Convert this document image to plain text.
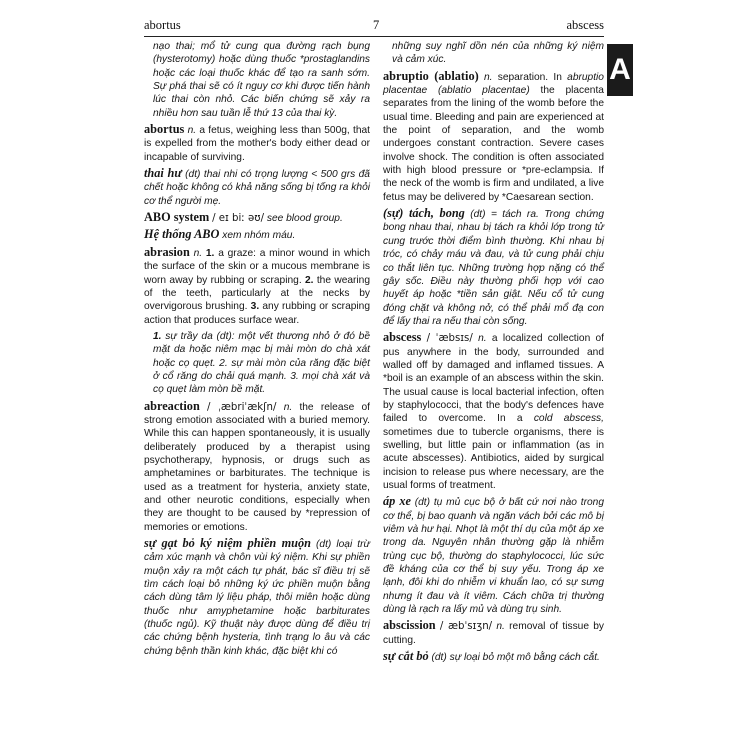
abortus	7	abscess
A

nạo thai; mổ tử cung qua đường rạch bụng (hysterotomy) hoặc dùng thuốc *prostaglandins hoặc các loại thuốc khác để tạo ra sanh sớm. Sự phá thai sẽ có ít nguy cơ khi được tiến hành lúc thai còn nhỏ. Các biến chứng sẽ xảy ra nhiều hơn sau tuần lễ thứ 13 của thai kỳ.

abortus n. a fetus, weighing less than 500g, that is expelled from the mother's body either dead or incapable of surviving.

thai hư (dt) thai nhi có trọng lượng < 500 grs đã chết hoặc không có khả năng sống bị tống ra khỏi cơ thể người mẹ.

ABO system / eɪ biː əʊ/ see blood group.

Hệ thống ABO xem nhóm máu.

abrasion n. 1. a graze: a minor wound in which the surface of the skin or a mucous membrane is worn away by rubbing or scraping. 2. the wearing of the teeth, particularly at the necks by overvigorous brushing. 3. any rubbing or scraping action that produces surface wear.

1. sự trầy da (dt): một vết thương nhỏ ở đó bề mặt da hoặc niêm mạc bị mài mòn do chà xát hoặc cọ quẹt. 2. sự mài mòn của răng đặc biệt ở cổ răng do chải quá mạnh. 3. mọi chà xát và cọ quẹt làm mòn bề mặt.

abreaction / ˌæbriˈækʃn/ n. the release of strong emotion associated with a buried memory. While this can happen spontaneously, it is usually deliberately produced by a therapist using psychotherapy, hypnosis, or drugs such as amphetamines or barbiturates. The technique is used as a treatment for hysteria, anxiety state, and other neurotic conditions, especially when they are thought to be caused by *repression of memories or emotions.

sự gạt bỏ ký niệm phiền muộn (dt) loại trừ cảm xúc mạnh và chôn vùi ký niệm. Khi sự phiền muộn xảy ra một cách tự phát, bác sĩ điều trị sẽ tìm cách loại bỏ những ký ức phiền muộn bằng cách dùng tâm lý liệu pháp, thôi miên hoặc dùng thuốc như amyphetamine hoặc barbiturates (thuốc ngủ). Kỹ thuật này được dùng để điều trị các chứng bệnh hysteria, tình trạng lo âu và các chứng bệnh thần kinh khác, đặc biệt khi có

những suy nghĩ dồn nén của những ký niệm và cảm xúc.

abruptio (ablatio) n. separation. In abruptio placentae (ablatio placentae) the placenta separates from the lining of the womb before the usual time. Bleeding and pain are experienced at the point of separation, and the womb undergoes constant contraction. Severe cases involve shock. The condition is often associated with high blood pressure or *pre-eclampsia. If the neck of the womb is firm and undilated, a live fetus may be delivered by *Caesarean section.

(sự) tách, bong (dt) = tách ra. Trong chứng bong nhau thai, nhau bị tách ra khỏi lớp trong tử cung trước thời điểm bình thường. Khi nhau bị tróc, có chảy máu và đau, và tử cung phải chịu co thắt liên tục. Những trường hợp nặng có thể gây sốc. Điều này thường phối hợp với cao huyết áp hoặc *tiền sản giật. Nếu cổ tử cung đóng chặt và không nở, có thể phải mổ đạ con để lấy thai ra nếu thai còn sống.

abscess / ˈæbsɪs/ n. a localized collection of pus anywhere in the body, surrounded and walled off by damaged and inflamed tissues. A *boil is an example of an abscess within the skin. The usual cause is local bacterial infection, often by staphylococci, that the body's defences have failed to overcome. In a cold abscess, sometimes due to tubercle organisms, there is swelling, but little pain or inflammation (as in acute abscesses). Antibiotics, aided by surgical incision to release pus where necessary, are the usual forms of treatment.

áp xe (dt) tụ mủ cục bộ ở bất cứ nơi nào trong cơ thể, bị bao quanh và ngăn vách bởi các mô bị viêm và hư hại. Nhọt là một thí dụ của một áp xe trong da. Nguyên nhân thường gặp là nhiễm trùng cục bộ, thường do staphylococci, lúc sức đề kháng của cơ thể bị suy yếu. Trong áp xe lạnh, đôi khi do nhiễm vi khuẩn lao, có sự sưng nhưng ít đau và ít viêm. Cách chữa trị thường dùng là rạch ra lấy mủ và dùng trụ sinh.

abscission / æbˈsɪʒn/ n. removal of tissue by cutting.

sự cắt bỏ (dt) sự loại bỏ một mô bằng cách cắt.
